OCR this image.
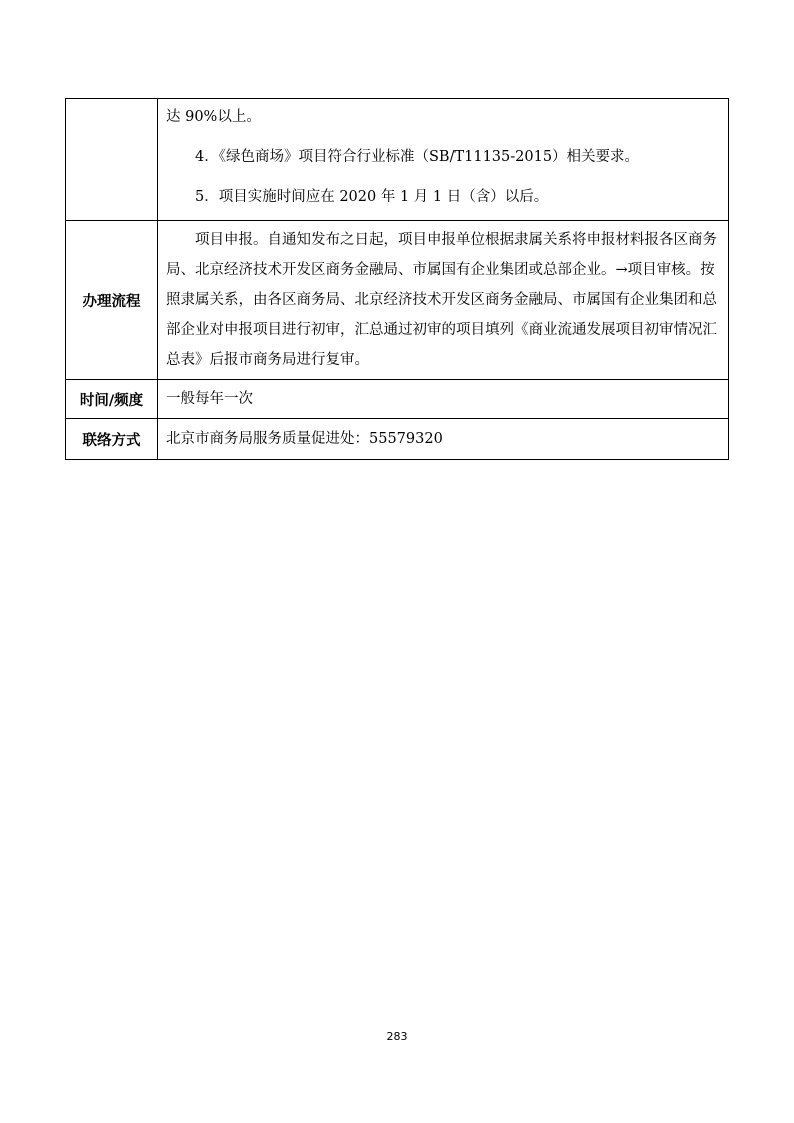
	达 90%以上。

4．《绿色商场》项目符合行业标准（SB/T11135-2015）相关要求。

5．项目实施时间应在 2020 年 1 月 1 日（含）以后。

办理流程	项目申报。自通知发布之日起，项目申报单位根据隶属关系将申报材料报各区商务局、北京经济技术开发区商务金融局、市属国有企业集团或总部企业。→项目审核。按照隶属关系，由各区商务局、北京经济技术开发区商务金融局、市属国有企业集团和总部企业对申报项目进行初审，汇总通过初审的项目填列《商业流通发展项目初审情况汇总表》后报市商务局进行复审。

时间/频度	一般每年一次
联络方式	北京市商务局服务质量促进处：55579320
283
